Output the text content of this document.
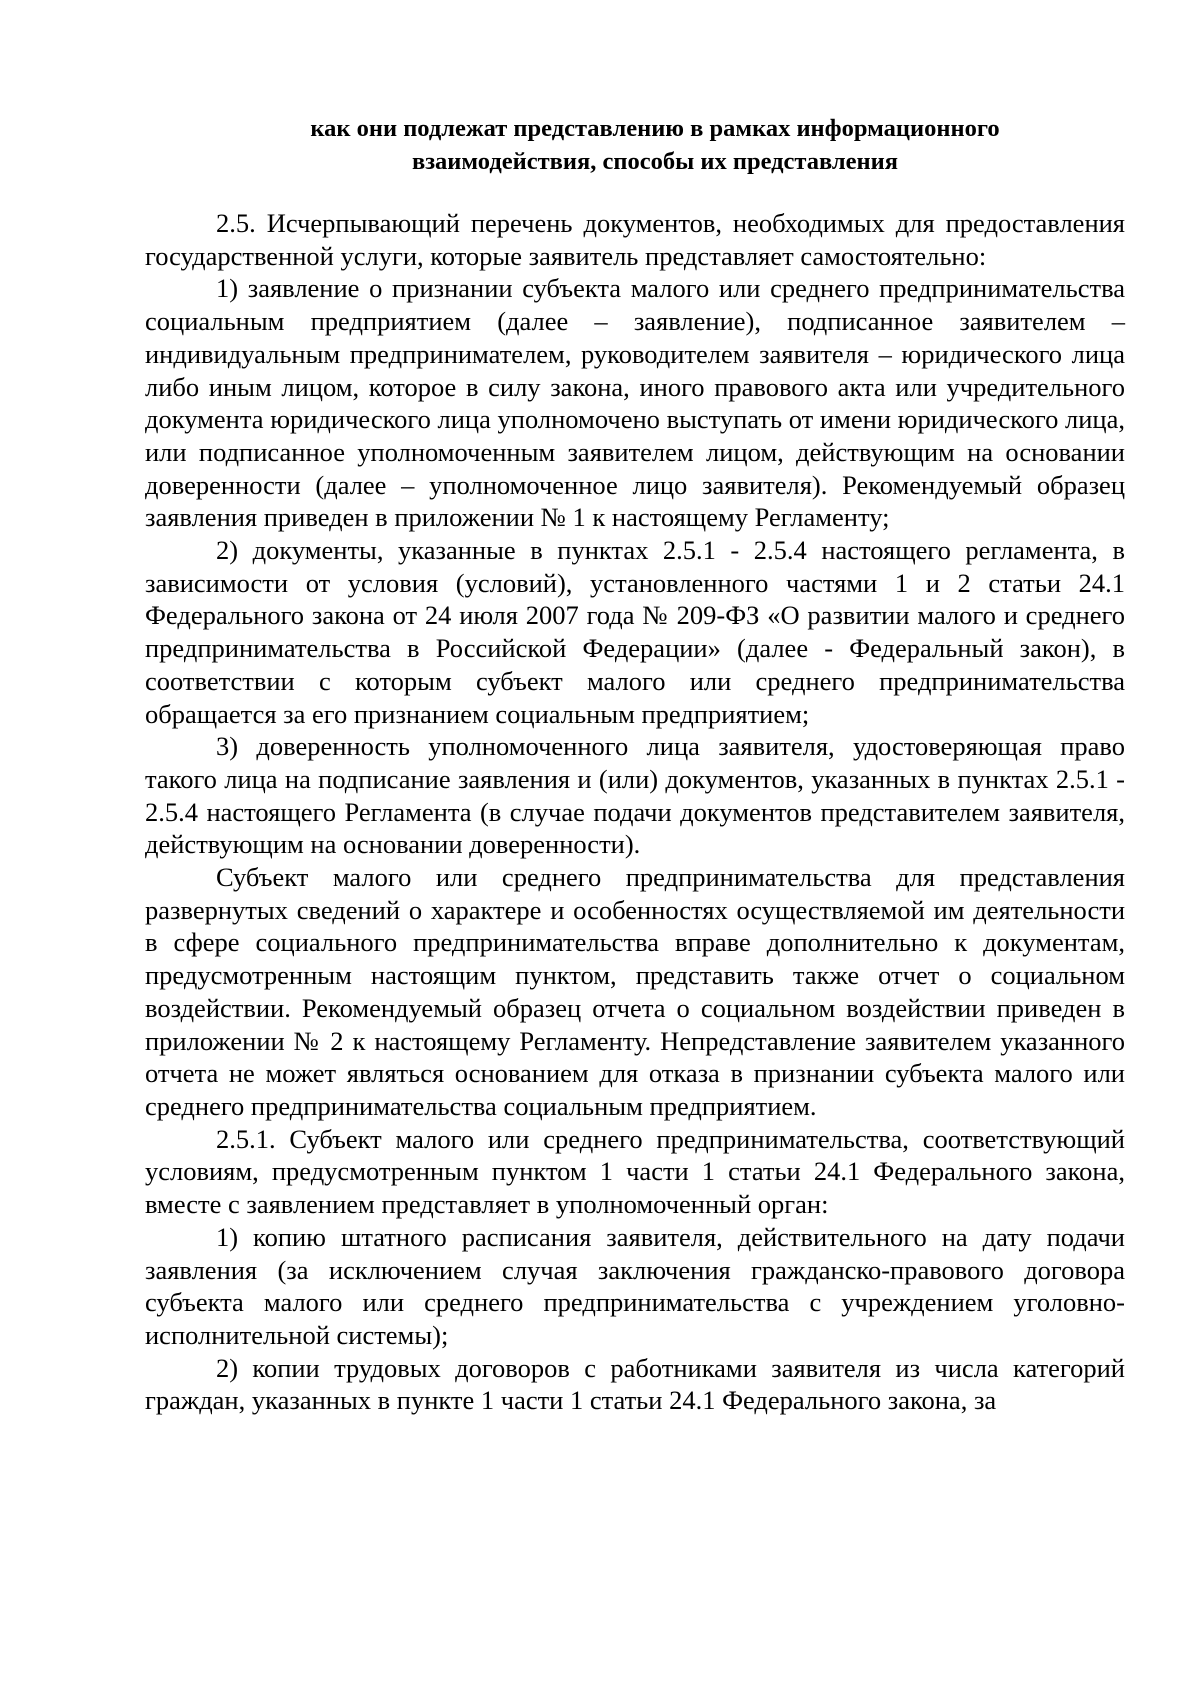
как они подлежат представлению в рамках информационного
взаимодействия, способы их представления

2.5. Исчерпывающий перечень документов, необходимых для предоставления государственной услуги, которые заявитель представляет самостоятельно:

1) заявление о признании субъекта малого или среднего предпринимательства социальным предприятием (далее – заявление), подписанное заявителем – индивидуальным предпринимателем, руководителем заявителя – юридического лица либо иным лицом, которое в силу закона, иного правового акта или учредительного документа юридического лица уполномочено выступать от имени юридического лица, или подписанное уполномоченным заявителем лицом, действующим на основании доверенности (далее – уполномоченное лицо заявителя). Рекомендуемый образец заявления приведен в приложении № 1 к настоящему Регламенту;

2) документы, указанные в пунктах 2.5.1 - 2.5.4 настоящего регламента, в зависимости от условия (условий), установленного частями 1 и 2 статьи 24.1 Федерального закона от 24 июля 2007 года № 209-ФЗ «О развитии малого и среднего предпринимательства в Российской Федерации» (далее - Федеральный закон), в соответствии с которым субъект малого или среднего предпринимательства обращается за его признанием социальным предприятием;

3) доверенность уполномоченного лица заявителя, удостоверяющая право такого лица на подписание заявления и (или) документов, указанных в пунктах 2.5.1 - 2.5.4 настоящего Регламента (в случае подачи документов представителем заявителя, действующим на основании доверенности).

Субъект малого или среднего предпринимательства для представления развернутых сведений о характере и особенностях осуществляемой им деятельности в сфере социального предпринимательства вправе дополнительно к документам, предусмотренным настоящим пунктом, представить также отчет о социальном воздействии. Рекомендуемый образец отчета о социальном воздействии приведен в приложении № 2 к настоящему Регламенту. Непредставление заявителем указанного отчета не может являться основанием для отказа в признании субъекта малого или среднего предпринимательства социальным предприятием.

2.5.1. Субъект малого или среднего предпринимательства, соответствующий условиям, предусмотренным пунктом 1 части 1 статьи 24.1 Федерального закона, вместе с заявлением представляет в уполномоченный орган:

1) копию штатного расписания заявителя, действительного на дату подачи заявления (за исключением случая заключения гражданско-правового договора субъекта малого или среднего предпринимательства с учреждением уголовно-исполнительной системы);

2) копии трудовых договоров с работниками заявителя из числа категорий граждан, указанных в пункте 1 части 1 статьи 24.1 Федерального закона, за
